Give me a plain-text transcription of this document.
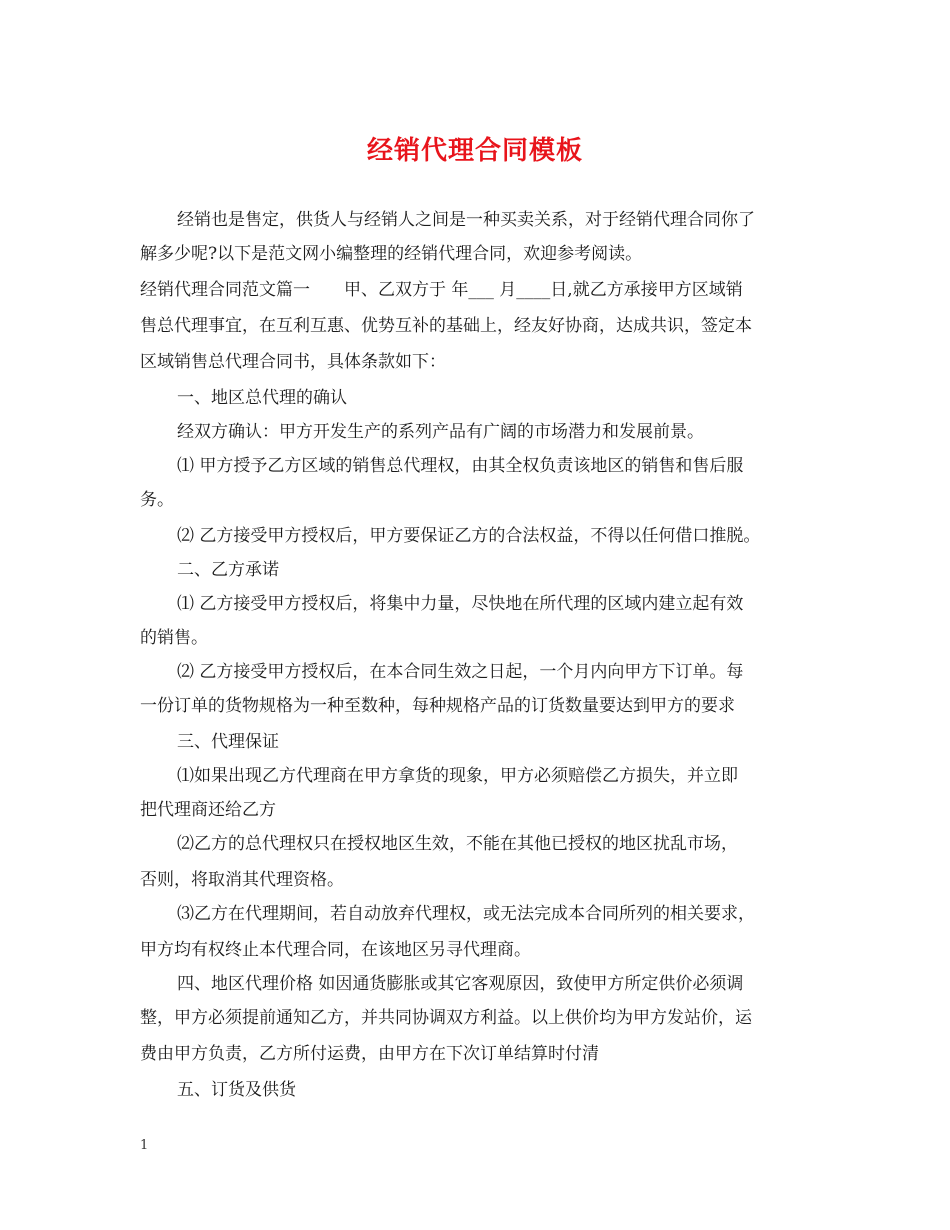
经销代理合同模板
经销也是售定，供货人与经销人之间是一种买卖关系，对于经销代理合同你了
解多少呢?以下是范文网小编整理的经销代理合同，欢迎参考阅读。
经销代理合同范文篇一　　甲、乙双方于 年___ 月____日,就乙方承接甲方区域销
售总代理事宜，在互利互惠、优势互补的基础上，经友好协商，达成共识，签定本
区域销售总代理合同书，具体条款如下：
一、地区总代理的确认
经双方确认：甲方开发生产的系列产品有广阔的市场潜力和发展前景。
⑴ 甲方授予乙方区域的销售总代理权，由其全权负责该地区的销售和售后服
务。
⑵ 乙方接受甲方授权后，甲方要保证乙方的合法权益，不得以任何借口推脱。
二、乙方承诺
⑴ 乙方接受甲方授权后，将集中力量，尽快地在所代理的区域内建立起有效
的销售。
⑵ 乙方接受甲方授权后，在本合同生效之日起，一个月内向甲方下订单。每
一份订单的货物规格为一种至数种，每种规格产品的订货数量要达到甲方的要求
三、代理保证
⑴如果出现乙方代理商在甲方拿货的现象，甲方必须赔偿乙方损失，并立即
把代理商还给乙方
⑵乙方的总代理权只在授权地区生效，不能在其他已授权的地区扰乱市场，
否则，将取消其代理资格。
⑶乙方在代理期间，若自动放弃代理权，或无法完成本合同所列的相关要求，
甲方均有权终止本代理合同，在该地区另寻代理商。
四、地区代理价格 如因通货膨胀或其它客观原因，致使甲方所定供价必须调
整，甲方必须提前通知乙方，并共同协调双方利益。以上供价均为甲方发站价，运
费由甲方负责，乙方所付运费，由甲方在下次订单结算时付清
五、订货及供货
1
